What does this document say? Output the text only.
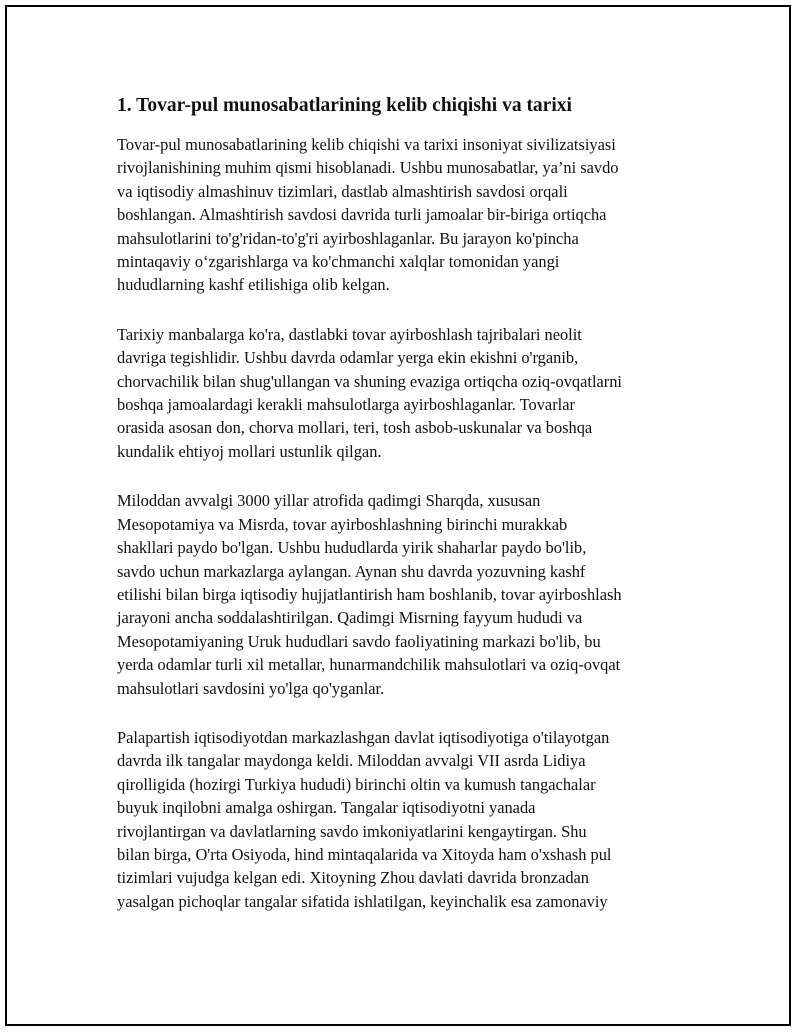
1. Tovar-pul munosabatlarining kelib chiqishi va tarixi

Tovar-pul munosabatlarining kelib chiqishi va tarixi insoniyat sivilizatsiyasi
rivojlanishining muhim qismi hisoblanadi. Ushbu munosabatlar, ya’ni savdo
va iqtisodiy almashinuv tizimlari, dastlab almashtirish savdosi orqali
boshlangan. Almashtirish savdosi davrida turli jamoalar bir-biriga ortiqcha
mahsulotlarini to'g'ridan-to'g'ri ayirboshlaganlar. Bu jarayon ko'pincha
mintaqaviy oʻzgarishlarga va ko'chmanchi xalqlar tomonidan yangi
hududlarning kashf etilishiga olib kelgan.

Tarixiy manbalarga ko'ra, dastlabki tovar ayirboshlash tajribalari neolit
davriga tegishlidir. Ushbu davrda odamlar yerga ekin ekishni o'rganib,
chorvachilik bilan shug'ullangan va shuning evaziga ortiqcha oziq-ovqatlarni
boshqa jamoalardagi kerakli mahsulotlarga ayirboshlaganlar. Tovarlar
orasida asosan don, chorva mollari, teri, tosh asbob-uskunalar va boshqa
kundalik ehtiyoj mollari ustunlik qilgan.

Miloddan avvalgi 3000 yillar atrofida qadimgi Sharqda, xususan
Mesopotamiya va Misrda, tovar ayirboshlashning birinchi murakkab
shakllari paydo bo'lgan. Ushbu hududlarda yirik shaharlar paydo bo'lib,
savdo uchun markazlarga aylangan. Aynan shu davrda yozuvning kashf
etilishi bilan birga iqtisodiy hujjatlantirish ham boshlanib, tovar ayirboshlash
jarayoni ancha soddalashtirilgan. Qadimgi Misrning fayyum hududi va
Mesopotamiyaning Uruk hududlari savdo faoliyatining markazi bo'lib, bu
yerda odamlar turli xil metallar, hunarmandchilik mahsulotlari va oziq-ovqat
mahsulotlari savdosini yo'lga qo'yganlar.

Palapartish iqtisodiyotdan markazlashgan davlat iqtisodiyotiga o'tilayotgan
davrda ilk tangalar maydonga keldi. Miloddan avvalgi VII asrda Lidiya
qirolligida (hozirgi Turkiya hududi) birinchi oltin va kumush tangachalar
buyuk inqilobni amalga oshirgan. Tangalar iqtisodiyotni yanada
rivojlantirgan va davlatlarning savdo imkoniyatlarini kengaytirgan. Shu
bilan birga, O'rta Osiyoda, hind mintaqalarida va Xitoyda ham o'xshash pul
tizimlari vujudga kelgan edi. Xitoyning Zhou davlati davrida bronzadan
yasalgan pichoqlar tangalar sifatida ishlatilgan, keyinchalik esa zamonaviy
